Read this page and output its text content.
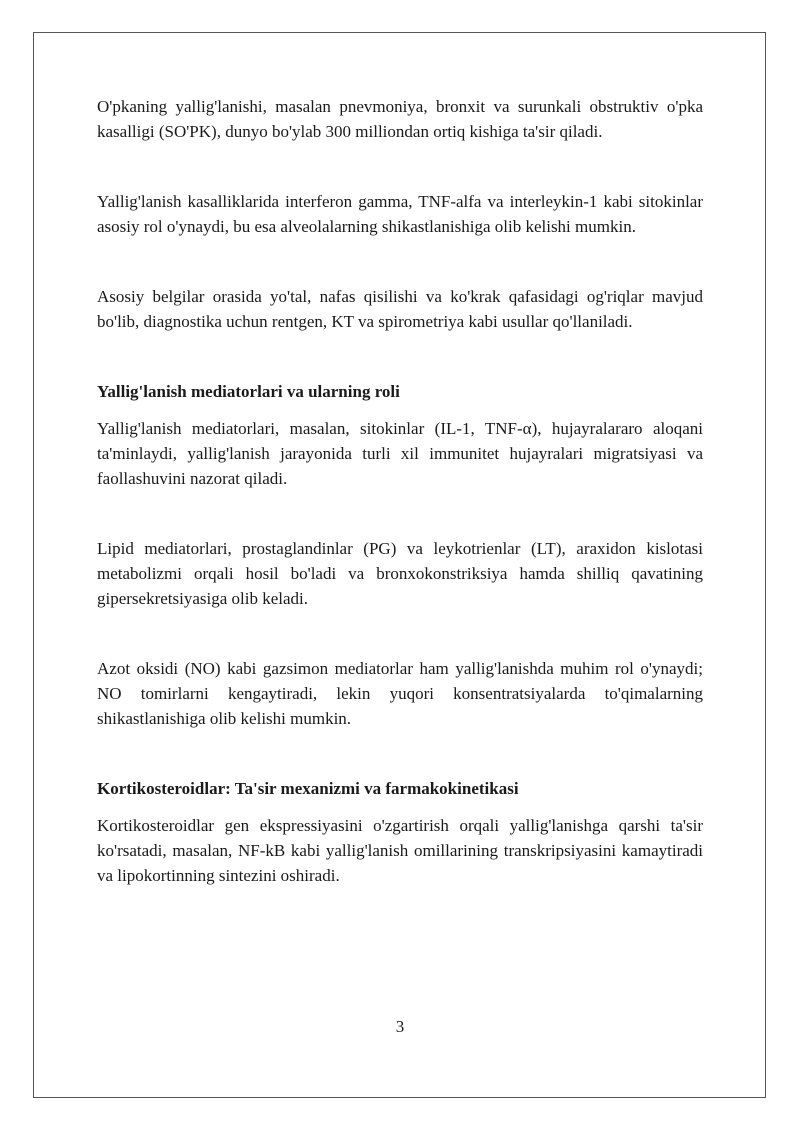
O'pkaning yallig'lanishi, masalan pnevmoniya, bronxit va surunkali obstruktiv o'pka kasalligi (SO'PK), dunyo bo'ylab 300 milliondan ortiq kishiga ta'sir qiladi.

Yallig'lanish kasalliklarida interferon gamma, TNF-alfa va interleykin-1 kabi sitokinlar asosiy rol o'ynaydi, bu esa alveolalarning shikastlanishiga olib kelishi mumkin.

Asosiy belgilar orasida yo'tal, nafas qisilishi va ko'krak qafasidagi og'riqlar mavjud bo'lib, diagnostika uchun rentgen, KT va spirometriya kabi usullar qo'llaniladi.

Yallig'lanish mediatorlari va ularning roli

Yallig'lanish mediatorlari, masalan, sitokinlar (IL-1, TNF-α), hujayralararo aloqani ta'minlaydi, yallig'lanish jarayonida turli xil immunitet hujayralari migratsiyasi va faollashuvini nazorat qiladi.

Lipid mediatorlari, prostaglandinlar (PG) va leykotrienlar (LT), araxidon kislotasi metabolizmi orqali hosil bo'ladi va bronxokonstriksiya hamda shilliq qavatining gipersekretsiyasiga olib keladi.

Azot oksidi (NO) kabi gazsimon mediatorlar ham yallig'lanishda muhim rol o'ynaydi; NO tomirlarni kengaytiradi, lekin yuqori konsentratsiyalarda to'qimalarning shikastlanishiga olib kelishi mumkin.

Kortikosteroidlar: Ta'sir mexanizmi va farmakokinetikasi

Kortikosteroidlar gen ekspressiyasini o'zgartirish orqali yallig'lanishga qarshi ta'sir ko'rsatadi, masalan, NF-kB kabi yallig'lanish omillarining transkripsiyasini kamaytiradi va lipokortinning sintezini oshiradi.

3
